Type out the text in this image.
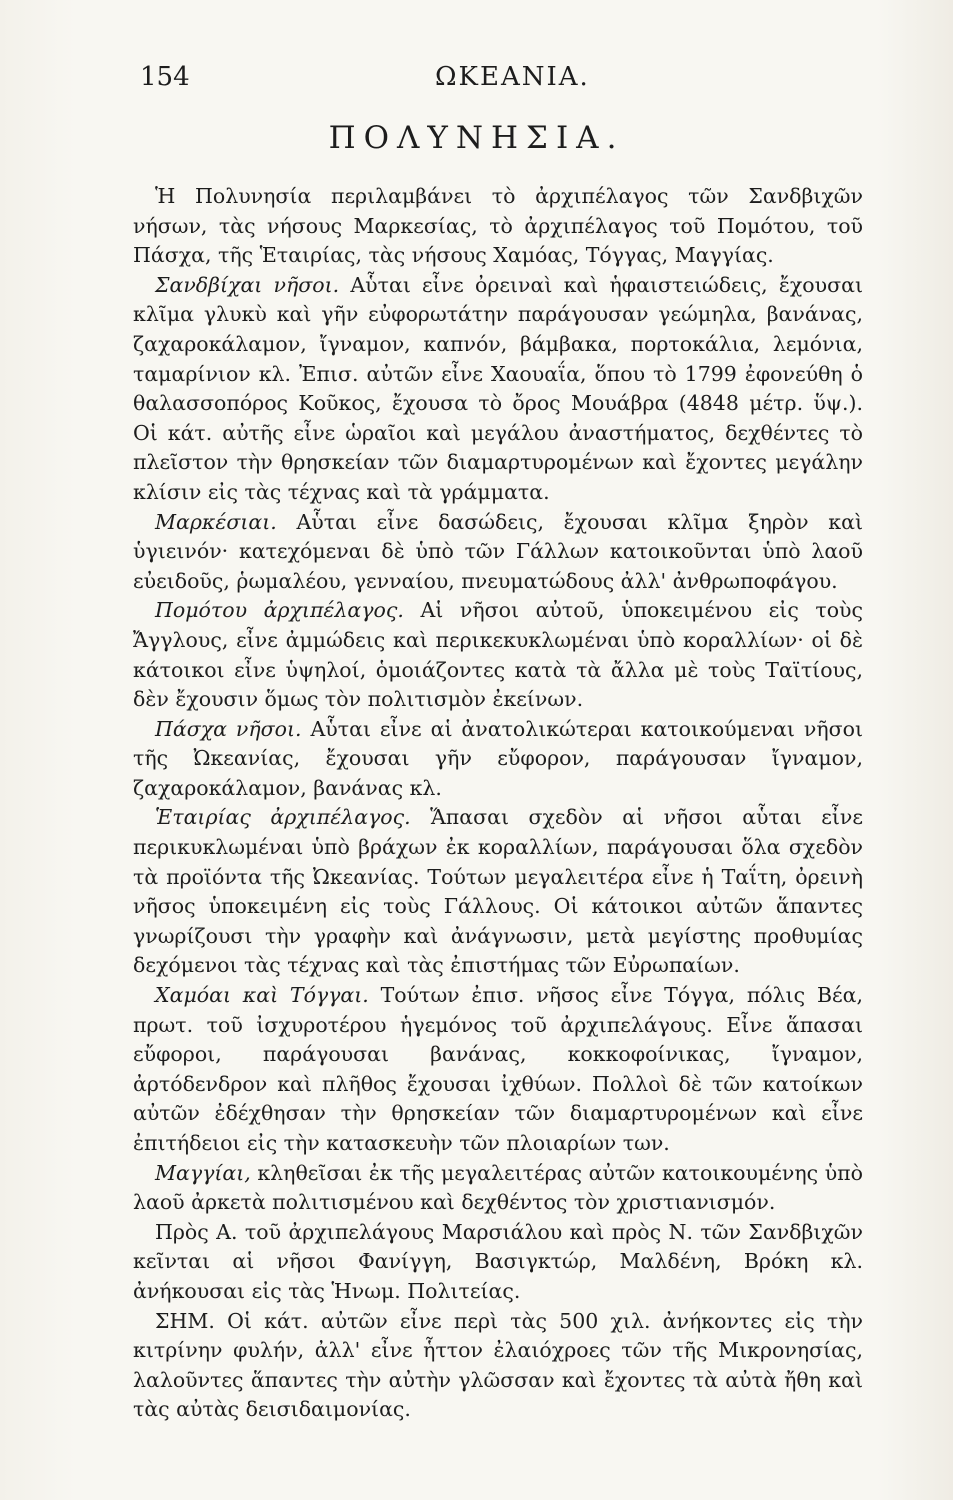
154	ΩΚΕΑΝΙΑ.
ΠΟΛΥΝΗΣΙΑ.

Ἡ Πολυνησία περιλαμβάνει τὸ ἀρχιπέλαγος τῶν Σανδβιχῶν νήσων, τὰς νήσους Μαρκεσίας, τὸ ἀρχιπέλαγος τοῦ Πομότου, τοῦ Πάσχα, τῆς Ἑταιρίας, τὰς νήσους Χαμόας, Τόγγας, Μαγγίας.

Σανδβίχαι νῆσοι. Αὗται εἶνε ὀρειναὶ καὶ ἡφαιστειώδεις, ἔχουσαι κλῖμα γλυκὺ καὶ γῆν εὐφορωτάτην παράγουσαν γεώμηλα, βανάνας, ζαχαροκάλαμον, ἴγναμον, καπνόν, βάμβακα, πορτοκάλια, λεμόνια, ταμαρίνιον κλ. Ἐπισ. αὐτῶν εἶνε Χαουαΐα, ὅπου τὸ 1799 ἐφονεύθη ὁ θαλασσοπόρος Κοῦκος, ἔχουσα τὸ ὄρος Μουάβρα (4848 μέτρ. ὕψ.). Οἱ κάτ. αὐτῆς εἶνε ὡραῖοι καὶ μεγάλου ἀναστήματος, δεχθέντες τὸ πλεῖστον τὴν θρησκείαν τῶν διαμαρτυρομένων καὶ ἔχοντες μεγάλην κλίσιν εἰς τὰς τέχνας καὶ τὰ γράμματα.

Μαρκέσιαι. Αὗται εἶνε δασώδεις, ἔχουσαι κλῖμα ξηρὸν καὶ ὑγιεινόν· κατεχόμεναι δὲ ὑπὸ τῶν Γάλλων κατοικοῦνται ὑπὸ λαοῦ εὐειδοῦς, ῥωμαλέου, γενναίου, πνευματώδους ἀλλ' ἀνθρωποφάγου.

Πομότου ἀρχιπέλαγος. Αἱ νῆσοι αὐτοῦ, ὑποκειμένου εἰς τοὺς Ἄγγλους, εἶνε ἀμμώδεις καὶ περικεκυκλωμέναι ὑπὸ κοραλλίων· οἱ δὲ κάτοικοι εἶνε ὑψηλοί, ὁμοιάζοντες κατὰ τὰ ἄλλα μὲ τοὺς Ταϊτίους, δὲν ἔχουσιν ὅμως τὸν πολιτισμὸν ἐκείνων.

Πάσχα νῆσοι. Αὗται εἶνε αἱ ἀνατολικώτεραι κατοικούμεναι νῆσοι τῆς Ὠκεανίας, ἔχουσαι γῆν εὔφορον, παράγουσαν ἴγναμον, ζαχαροκάλαμον, βανάνας κλ.

Ἑταιρίας ἀρχιπέλαγος. Ἅπασαι σχεδὸν αἱ νῆσοι αὗται εἶνε περικυκλωμέναι ὑπὸ βράχων ἐκ κοραλλίων, παράγουσαι ὅλα σχεδὸν τὰ προϊόντα τῆς Ὠκεανίας. Τούτων μεγαλειτέρα εἶνε ἡ Ταΐτη, ὀρεινὴ νῆσος ὑποκειμένη εἰς τοὺς Γάλλους. Οἱ κάτοικοι αὐτῶν ἅπαντες γνωρίζουσι τὴν γραφὴν καὶ ἀνάγνωσιν, μετὰ μεγίστης προθυμίας δεχόμενοι τὰς τέχνας καὶ τὰς ἐπιστήμας τῶν Εὐρωπαίων.

Χαμόαι καὶ Τόγγαι. Τούτων ἐπισ. νῆσος εἶνε Τόγγα, πόλις Βέα, πρωτ. τοῦ ἰσχυροτέρου ἡγεμόνος τοῦ ἀρχιπελάγους. Εἶνε ἅπασαι εὔφοροι, παράγουσαι βανάνας, κοκκοφοίνικας, ἴγναμον, ἀρτόδενδρον καὶ πλῆθος ἔχουσαι ἰχθύων. Πολλοὶ δὲ τῶν κατοίκων αὐτῶν ἐδέχθησαν τὴν θρησκείαν τῶν διαμαρτυρομένων καὶ εἶνε ἐπιτήδειοι εἰς τὴν κατασκευὴν τῶν πλοιαρίων των.

Μαγγίαι, κληθεῖσαι ἐκ τῆς μεγαλειτέρας αὐτῶν κατοικουμένης ὑπὸ λαοῦ ἀρκετὰ πολιτισμένου καὶ δεχθέντος τὸν χριστιανισμόν.

Πρὸς Α. τοῦ ἀρχιπελάγους Μαρσιάλου καὶ πρὸς Ν. τῶν Σανδβιχῶν κεῖνται αἱ νῆσοι Φανίγγη, Βασιγκτώρ, Μαλδένη, Βρόκη κλ. ἀνήκουσαι εἰς τὰς Ἡνωμ. Πολιτείας.

ΣΗΜ. Οἱ κάτ. αὐτῶν εἶνε περὶ τὰς 500 χιλ. ἀνήκοντες εἰς τὴν κιτρίνην φυλήν, ἀλλ' εἶνε ἧττον ἐλαιόχροες τῶν τῆς Μικρονησίας, λαλοῦντες ἅπαντες τὴν αὐτὴν γλῶσσαν καὶ ἔχοντες τὰ αὐτὰ ἤθη καὶ τὰς αὐτὰς δεισιδαιμονίας.
